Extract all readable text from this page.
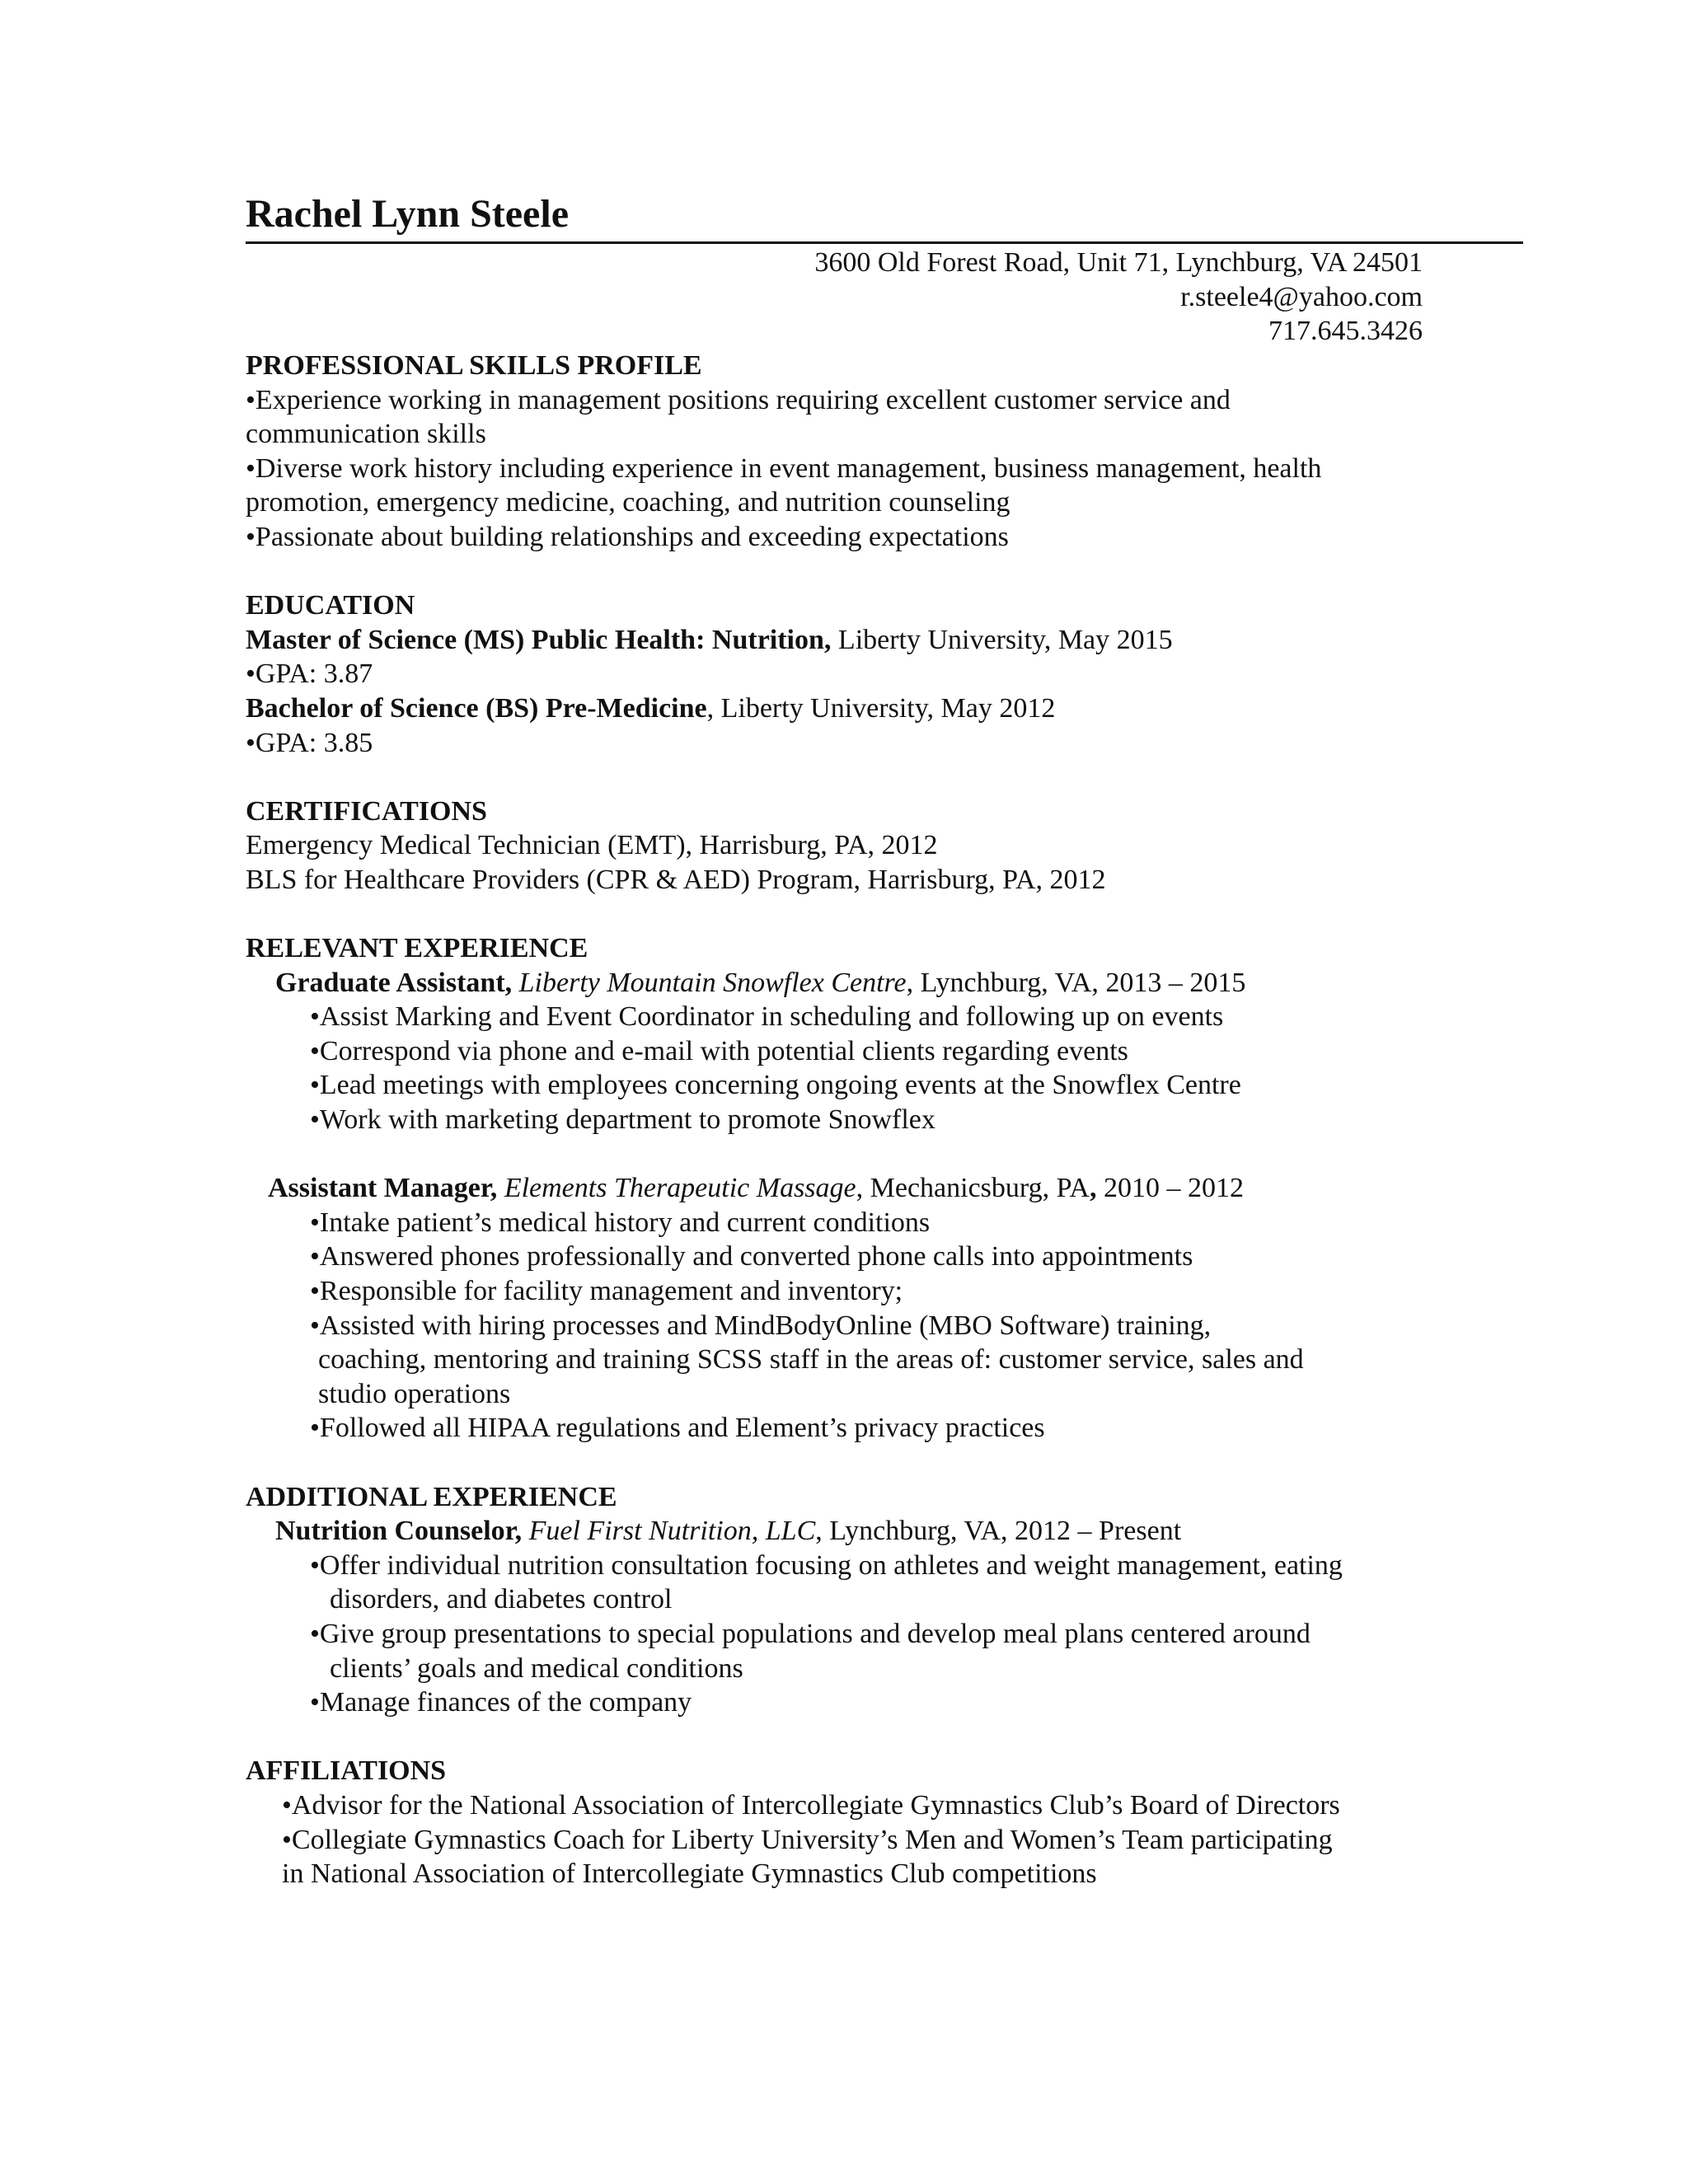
Rachel Lynn Steele
3600 Old Forest Road, Unit 71, Lynchburg, VA 24501
r.steele4@yahoo.com
717.645.3426
PROFESSIONAL SKILLS PROFILE
• Experience working in management positions requiring excellent customer service and
communication skills
• Diverse work history including experience in event management, business management, health
promotion, emergency medicine, coaching, and nutrition counseling
• Passionate about building relationships and exceeding expectations
EDUCATION
Master of Science (MS) Public Health: Nutrition, Liberty University, May 2015
• GPA: 3.87
Bachelor of Science (BS) Pre-Medicine, Liberty University, May 2012
• GPA: 3.85
CERTIFICATIONS
Emergency Medical Technician (EMT), Harrisburg, PA, 2012
BLS for Healthcare Providers (CPR & AED) Program, Harrisburg, PA, 2012
RELEVANT EXPERIENCE
Graduate Assistant, Liberty Mountain Snowflex Centre, Lynchburg, VA, 2013 – 2015
• Assist Marking and Event Coordinator in scheduling and following up on events
• Correspond via phone and e-mail with potential clients regarding events
• Lead meetings with employees concerning ongoing events at the Snowflex Centre
• Work with marketing department to promote Snowflex
Assistant Manager, Elements Therapeutic Massage, Mechanicsburg, PA, 2010 – 2012
• Intake patient’s medical history and current conditions
• Answered phones professionally and converted phone calls into appointments
• Responsible for facility management and inventory;
• Assisted with hiring processes and MindBodyOnline (MBO Software) training,
coaching, mentoring and training SCSS staff in the areas of: customer service, sales and
studio operations
• Followed all HIPAA regulations and Element’s privacy practices
ADDITIONAL EXPERIENCE
Nutrition Counselor, Fuel First Nutrition, LLC, Lynchburg, VA, 2012 – Present
• Offer individual nutrition consultation focusing on athletes and weight management, eating
disorders, and diabetes control
• Give group presentations to special populations and develop meal plans centered around
clients’ goals and medical conditions
• Manage finances of the company
AFFILIATIONS
• Advisor for the National Association of Intercollegiate Gymnastics Club’s Board of Directors
• Collegiate Gymnastics Coach for Liberty University’s Men and Women’s Team participating
in National Association of Intercollegiate Gymnastics Club competitions
